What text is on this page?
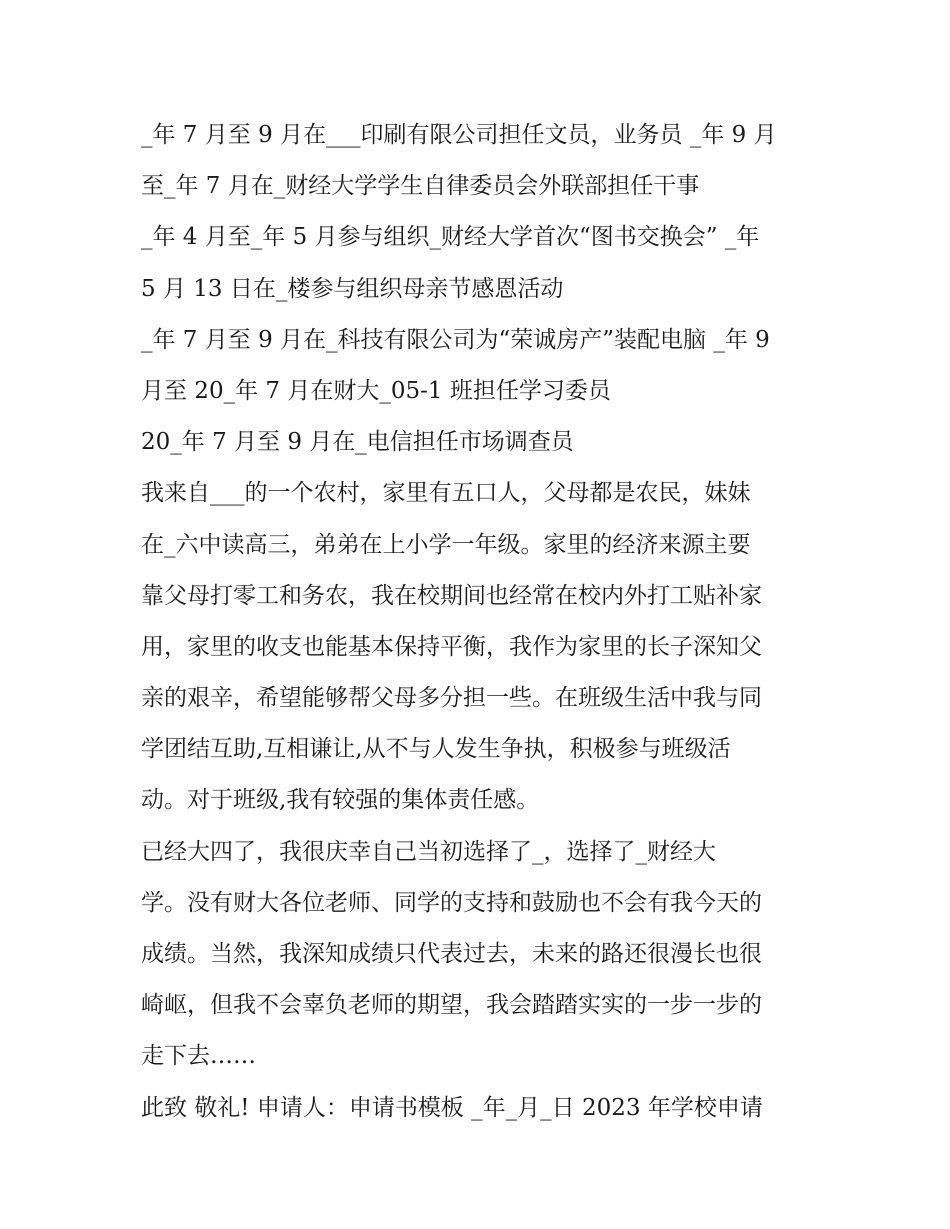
_年 7 月至 9 月在___印刷有限公司担任文员，业务员 _年 9 月
至_年 7 月在_财经大学学生自律委员会外联部担任干事
_年 4 月至_年 5 月参与组织_财经大学首次“图书交换会” _年
5 月 13 日在_楼参与组织母亲节感恩活动
_年 7 月至 9 月在_科技有限公司为“荣诚房产”装配电脑 _年 9
月至 20_年 7 月在财大_05-1 班担任学习委员
20_年 7 月至 9 月在_电信担任市场调查员
我来自___的一个农村，家里有五口人，父母都是农民，妹妹
在_六中读高三，弟弟在上小学一年级。家里的经济来源主要
靠父母打零工和务农，我在校期间也经常在校内外打工贴补家
用，家里的收支也能基本保持平衡，我作为家里的长子深知父
亲的艰辛，希望能够帮父母多分担一些。在班级生活中我与同
学团结互助,互相谦让,从不与人发生争执，积极参与班级活
动。对于班级,我有较强的集体责任感。
已经大四了，我很庆幸自己当初选择了_，选择了_财经大
学。没有财大各位老师、同学的支持和鼓励也不会有我今天的
成绩。当然，我深知成绩只代表过去，未来的路还很漫长也很
崎岖，但我不会辜负老师的期望，我会踏踏实实的一步一步的
走下去……
此致 敬礼! 申请人：申请书模板 _年_月_日 2023 年学校申请
